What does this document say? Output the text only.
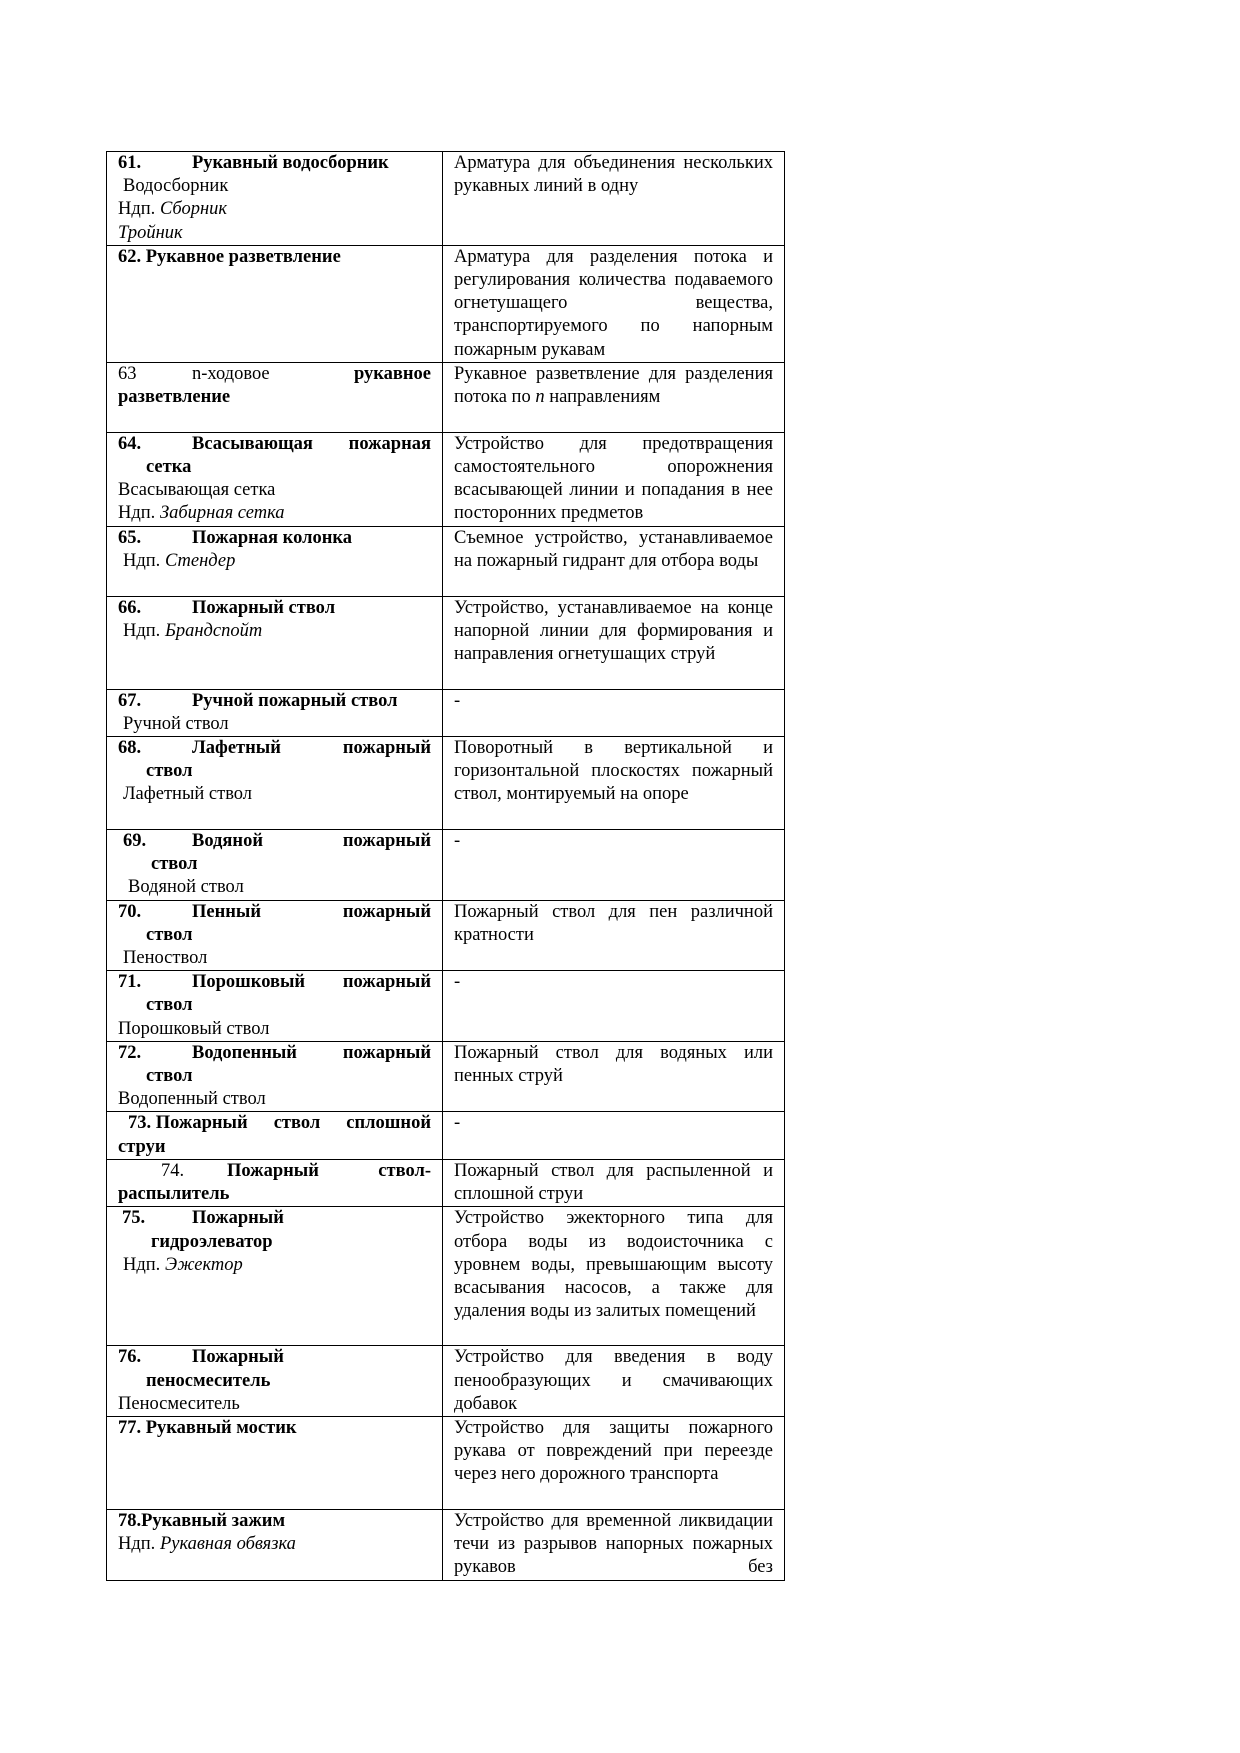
61. Рукавный водосборник
Водосборник
Ндп. Сборник
Тройник	Арматура для объединения нескольких рукавных линий в одну

62.
Рукавное разветвление	Арматура для разделения потока и регулирования количества подаваемого огнетушащего вещества, транспортируемого по напорным пожарным рукавам

63 n-ходовое рукавное
разветвление	Рукавное разветвление для разделения потока по n направлениям

64. Всасывающая пожарная
сетка
Всасывающая сетка
Ндп. Забирная сетка	Устройство для предотвращения самостоятельного опорожнения всасывающей линии и попадания в нее посторонних предметов

65. Пожарная колонка
Ндп. Стендер	Съемное устройство, устанавливаемое на пожарный гидрант для отбора воды

66. Пожарный ствол
Ндп. Брандспойт	Устройство, устанавливаемое на конце напорной линии для формирования и направления огнетушащих струй

67. Ручной пожарный ствол
Ручной ствол	-

68. Лафетный пожарный
ствол
Лафетный ствол	Поворотный в вертикальной и горизонтальной плоскостях пожарный ствол, монтируемый на опоре

69. Водяной пожарный
ствол
Водяной ствол	-

70. Пенный пожарный
ствол
Пеноствол	Пожарный ствол для пен различной кратности

71. Порошковый пожарный
ствол
Порошковый ствол	-

72. Водопенный пожарный
ствол
Водопенный ствол	Пожарный ствол для водяных или пенных струй

73.
Пожарный ствол сплошной
струи	-

74. Пожарный ствол-
распылитель	Пожарный ствол для распыленной и сплошной струи

75. Пожарный
гидроэлеватор
Ндп. Эжектор	Устройство эжекторного типа для отбора воды из водоисточника с уровнем воды, превышающим высоту всасывания насосов, а также для удаления воды из залитых помещений

76. Пожарный
пеносмеситель
Пеносмеситель	Устройство для введения в воду пенообразующих и смачивающих добавок

77.
Рукавный мостик	Устройство для защиты пожарного рукава от повреждений при переезде через него дорожного транспорта

78. Рукавный зажим
Ндп. Рукавная обвязка	Устройство для временной ликвидации течи из разрывов напорных пожарных рукавов без
